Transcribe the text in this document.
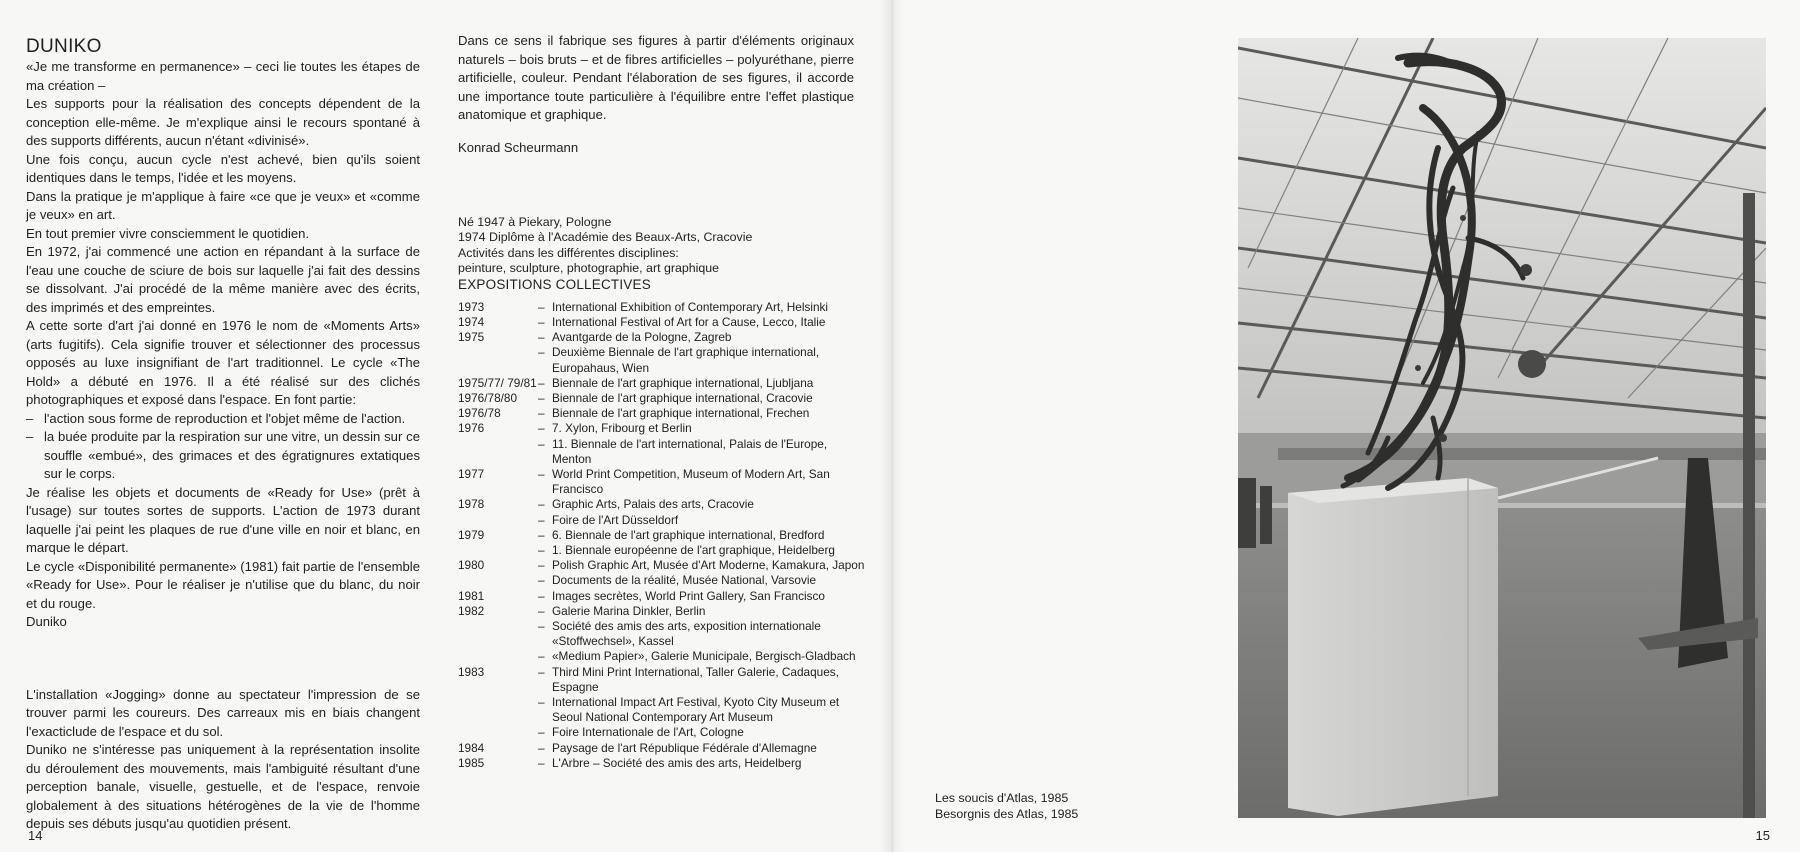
DUNIKO

«Je me transforme en permanence» – ceci lie toutes les étapes de ma création –

Les supports pour la réalisation des concepts dépendent de la conception elle-même. Je m'explique ainsi le recours spontané à des supports différents, aucun n'étant «divinisé».

Une fois conçu, aucun cycle n'est achevé, bien qu'ils soient identiques dans le temps, l'idée et les moyens.

Dans la pratique je m'applique à faire «ce que je veux» et «comme je veux» en art.

En tout premier vivre consciemment le quotidien.

En 1972, j'ai commencé une action en répandant à la surface de l'eau une couche de sciure de bois sur laquelle j'ai fait des dessins se dissolvant. J'ai procédé de la même manière avec des écrits, des imprimés et des empreintes.

A cette sorte d'art j'ai donné en 1976 le nom de «Moments Arts» (arts fugitifs). Cela signifie trouver et sélectionner des processus opposés au luxe insignifiant de l'art traditionnel. Le cycle «The Hold» a débuté en 1976. Il a été réalisé sur des clichés photographiques et exposé dans l'espace. En font partie:

– l'action sous forme de reproduction et l'objet même de l'action.
– la buée produite par la respiration sur une vitre, un dessin sur ce souffle «embué», des grimaces et des égratignures extatiques sur le corps.

Je réalise les objets et documents de «Ready for Use» (prêt à l'usage) sur toutes sortes de supports. L'action de 1973 durant laquelle j'ai peint les plaques de rue d'une ville en noir et blanc, en marque le départ.

Le cycle «Disponibilité permanente» (1981) fait partie de l'ensemble «Ready for Use». Pour le réaliser je n'utilise que du blanc, du noir et du rouge.

Duniko

L'installation «Jogging» donne au spectateur l'impression de se trouver parmi les coureurs. Des carreaux mis en biais changent l'exacticlude de l'espace et du sol.

Duniko ne s'intéresse pas uniquement à la représentation insolite du déroulement des mouvements, mais l'ambiguité résultant d'une perception banale, visuelle, gestuelle, et de l'espace, renvoie globalement à des situations hétérogènes de la vie de l'homme depuis ses débuts jusqu'au quotidien présent.

Dans ce sens il fabrique ses figures à partir d'éléments originaux naturels – bois bruts – et de fibres artificielles – polyuréthane, pierre artificielle, couleur. Pendant l'élaboration de ses figures, il accorde une importance toute particulière à l'équilibre entre l'effet plastique anatomique et graphique.

Konrad Scheurmann

Né 1947 à Piekary, Pologne
1974 Diplôme à l'Académie des Beaux-Arts, Cracovie
Activités dans les différentes disciplines:
peinture, sculpture, photographie, art graphique

EXPOSITIONS COLLECTIVES

1973	–	International Exhibition of Contemporary Art, Helsinki
1974	–	International Festival of Art for a Cause, Lecco, Italie
1975	–	Avantgarde de la Pologne, Zagreb
	–	Deuxième Biennale de l'art graphique international, Europahaus, Wien
1975/77/ 79/81	–	Biennale de l'art graphique international, Ljubljana
1976/78/80	–	Biennale de l'art graphique international, Cracovie
1976/78	–	Biennale de l'art graphique international, Frechen
1976	–	7. Xylon, Fribourg et Berlin
	–	11. Biennale de l'art international, Palais de l'Europe, Menton
1977	–	World Print Competition, Museum of Modern Art, San Francisco
1978	–	Graphic Arts, Palais des arts, Cracovie
	–	Foire de l'Art Düsseldorf
1979	–	6. Biennale de l'art graphique international, Bredford
	–	1. Biennale européenne de l'art graphique, Heidelberg
1980	–	Polish Graphic Art, Musée d'Art Moderne, Kamakura, Japon
	–	Documents de la réalité, Musée National, Varsovie
1981	–	Images secrètes, World Print Gallery, San Francisco
1982	–	Galerie Marina Dinkler, Berlin
	–	Société des amis des arts, exposition internationale «Stoffwechsel», Kassel
	–	«Medium Papier», Galerie Municipale, Bergisch-Gladbach
1983	–	Third Mini Print International, Taller Galerie, Cadaques, Espagne
	–	International Impact Art Festival, Kyoto City Museum et Seoul National Contemporary Art Museum
	–	Foire Internationale de l'Art, Cologne
1984	–	Paysage de l'art République Fédérale d'Allemagne
1985	–	L'Arbre – Société des amis des arts, Heidelberg
14
Les soucis d'Atlas, 1985
Besorgnis des Atlas, 1985
15
